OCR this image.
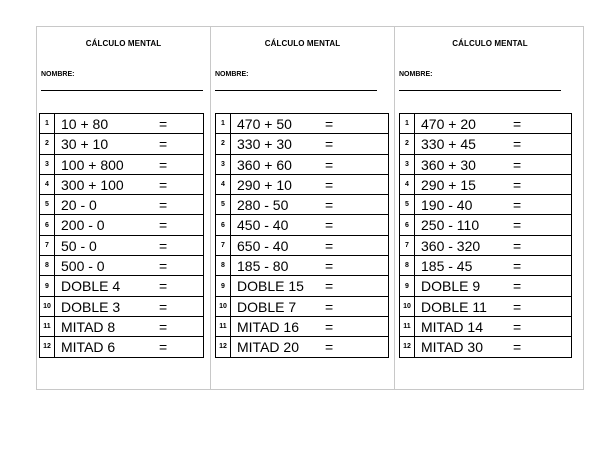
CÁLCULO MENTAL
NOMBRE:
1	10 + 80 =

2	30 + 10 =

3	100 + 800 =

4	300 + 100 =

5	20 - 0 =

6	200 - 0 =

7	50 - 0 =

8	500 - 0 =

9	DOBLE 4 =

10	DOBLE 3 =

11	MITAD 8 =

12	MITAD 6 =
CÁLCULO MENTAL
NOMBRE:
1	470 + 50 =

2	330 + 30 =

3	360 + 60 =

4	290 + 10 =

5	280 - 50 =

6	450 - 40 =

7	650 - 40 =

8	185 - 80 =

9	DOBLE 15 =

10	DOBLE 7 =

11	MITAD 16 =

12	MITAD 20 =
CÁLCULO MENTAL
NOMBRE:
1	470 + 20 =

2	330 + 45 =

3	360 + 30 =

4	290 + 15 =

5	190 - 40 =

6	250 - 110 =

7	360 - 320 =

8	185 - 45 =

9	DOBLE 9 =

10	DOBLE 11 =

11	MITAD 14 =

12	MITAD 30 =
